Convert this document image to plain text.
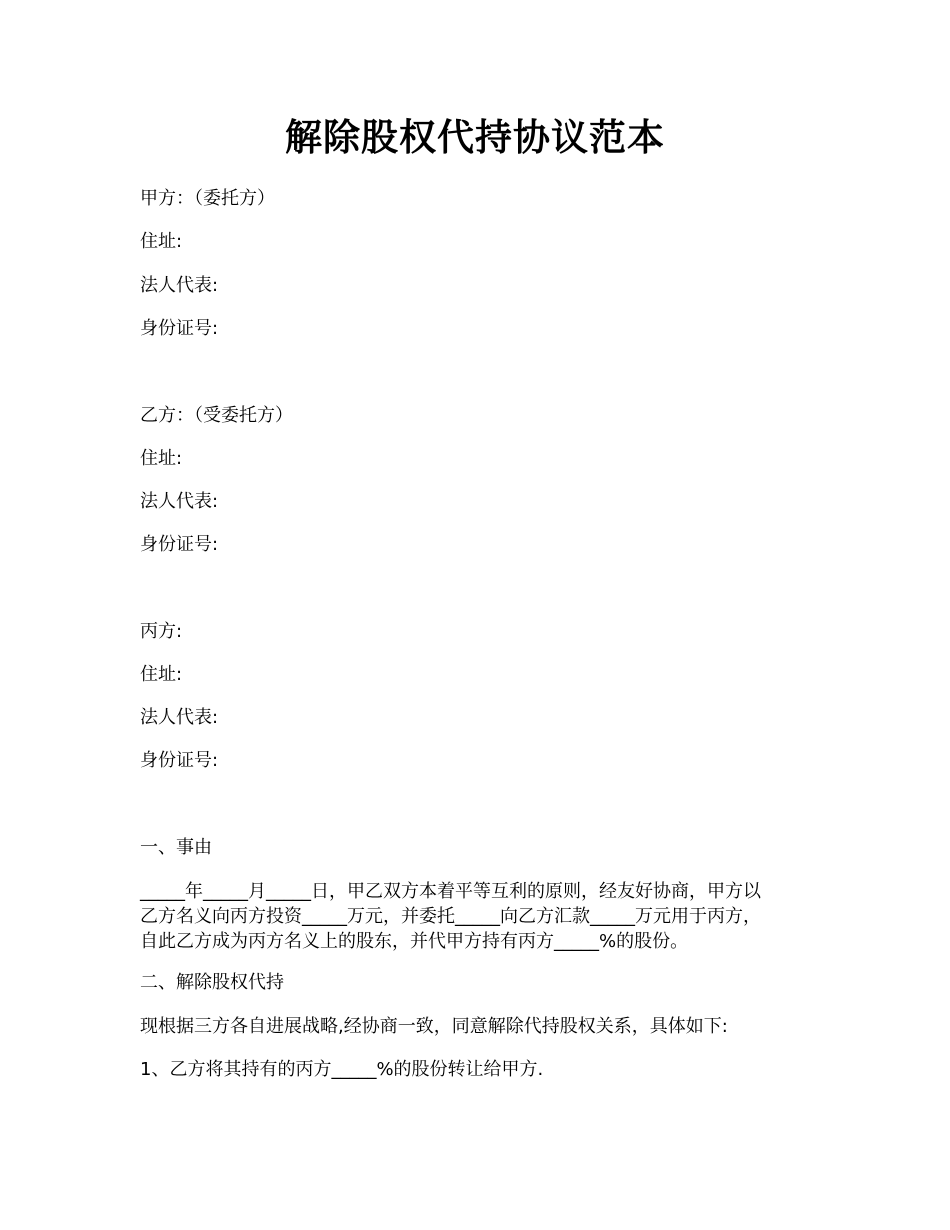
解除股权代持协议范本
甲方：（委托方）
住址:
法人代表:
身份证号:
乙方：（受委托方）
住址:
法人代表:
身份证号:
丙方:
住址:
法人代表:
身份证号:
一、事由
_____年_____月_____日，甲乙双方本着平等互利的原则，经友好协商，甲方以
乙方名义向丙方投资_____万元，并委托_____向乙方汇款_____万元用于丙方，
自此乙方成为丙方名义上的股东，并代甲方持有丙方_____%的股份。
二、解除股权代持
现根据三方各自进展战略,经协商一致，同意解除代持股权关系，具体如下:
1、乙方将其持有的丙方_____%的股份转让给甲方.
